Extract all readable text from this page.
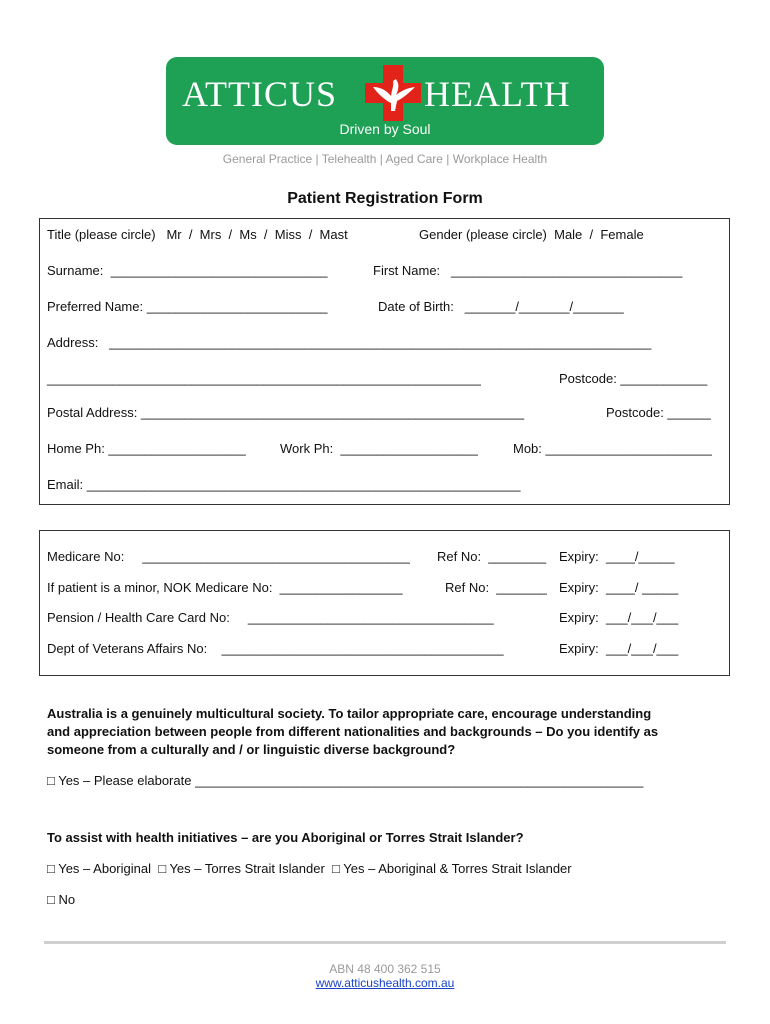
ATTICUS HEALTH
Driven by Soul
General Practice | Telehealth | Aged Care | Workplace Health
Patient Registration Form
Title (please circle)   Mr  /  Mrs  /  Ms  /  Miss  /  Mast	Gender (please circle)  Male  /  Female
Surname:  ______________________________	First Name:   ________________________________
Preferred Name: _________________________	Date of Birth:   _______/_______/_______
Address:   ___________________________________________________________________________
____________________________________________________________	Postcode: ____________
Postal Address: _____________________________________________________	Postcode: ______
Home Ph: ___________________	Work Ph:  ___________________	Mob: _______________________
Email: ____________________________________________________________
Medicare No:     _____________________________________ Ref No:  ________ Expiry:  ____/_____
If patient is a minor, NOK Medicare No:  _________________	Ref No:  _______ Expiry:  ____/ _____
Pension / Health Care Card No:     __________________________________	Expiry:  ___/___/___
Dept of Veterans Affairs No:    _______________________________________	Expiry:  ___/___/___
Australia is a genuinely multicultural society. To tailor appropriate care, encourage understanding
and appreciation between people from different nationalities and backgrounds – Do you identify as
someone from a culturally and / or linguistic diverse background?
□ Yes – Please elaborate ______________________________________________________________
To assist with health initiatives – are you Aboriginal or Torres Strait Islander?
□ Yes – Aboriginal  □ Yes – Torres Strait Islander  □ Yes – Aboriginal & Torres Strait Islander
□ No
ABN 48 400 362 515
www.atticushealth.com.au
